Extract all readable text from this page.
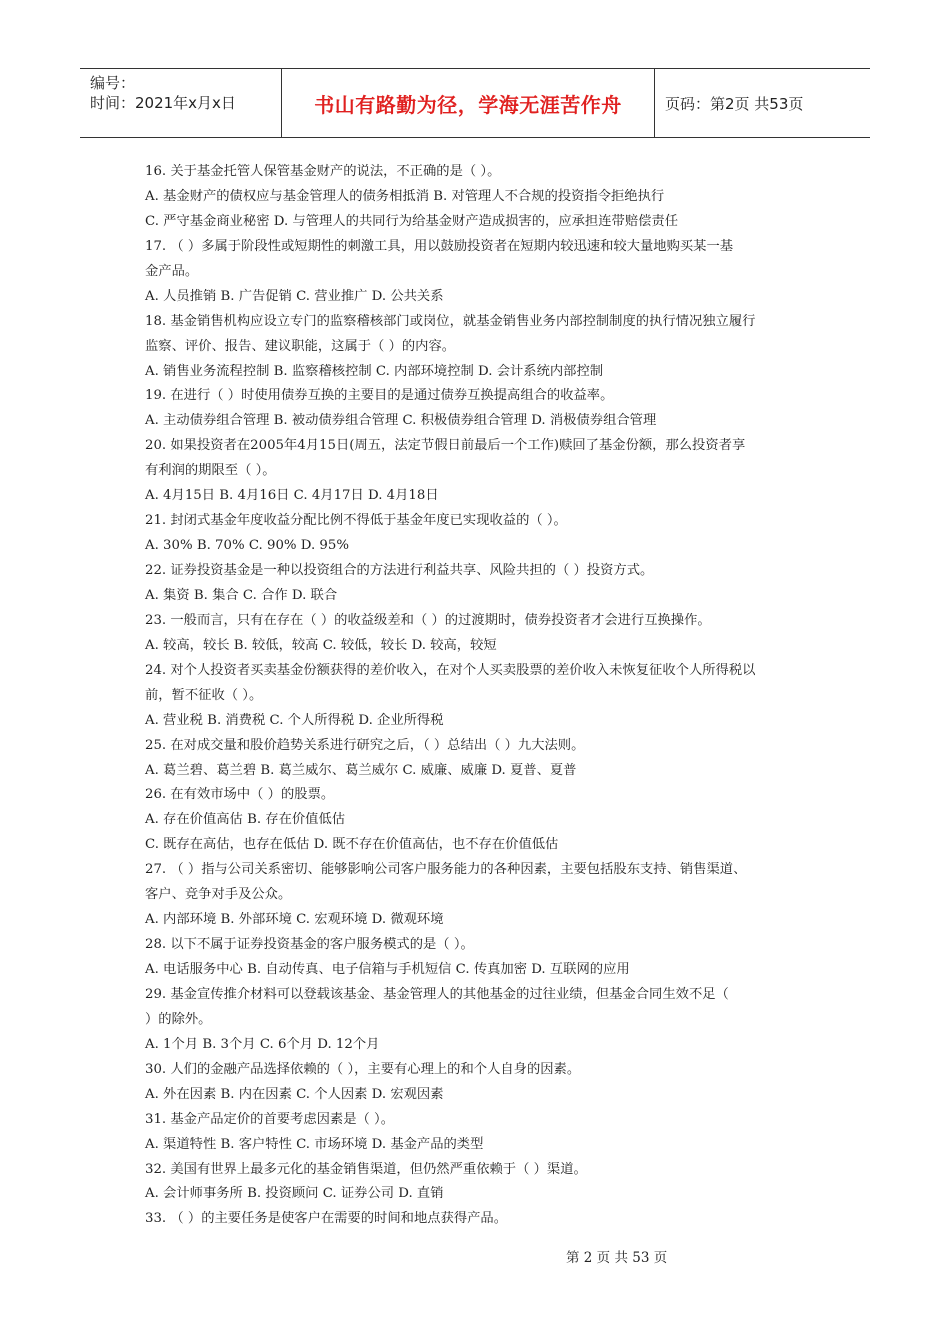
编号：
时间：2021年x月x日	书山有路勤为径，学海无涯苦作舟	页码：第2页 共53页
16. 关于基金托管人保管基金财产的说法，不正确的是（ ）。
A. 基金财产的债权应与基金管理人的债务相抵消 B. 对管理人不合规的投资指令拒绝执行
C. 严守基金商业秘密 D. 与管理人的共同行为给基金财产造成损害的，应承担连带赔偿责任
17. （ ）多属于阶段性或短期性的刺激工具，用以鼓励投资者在短期内较迅速和较大量地购买某一基
金产品。
A. 人员推销 B. 广告促销 C. 营业推广 D. 公共关系
18. 基金销售机构应设立专门的监察稽核部门或岗位，就基金销售业务内部控制制度的执行情况独立履行
监察、评价、报告、建议职能，这属于（ ）的内容。
A. 销售业务流程控制 B. 监察稽核控制 C. 内部环境控制 D. 会计系统内部控制
19. 在进行（ ）时使用债券互换的主要目的是通过债券互换提高组合的收益率。
A. 主动债券组合管理 B. 被动债券组合管理 C. 积极债券组合管理 D. 消极债券组合管理
20. 如果投资者在2005年4月15日(周五，法定节假日前最后一个工作)赎回了基金份额，那么投资者享
有利润的期限至（ ）。
A. 4月15日 B. 4月16日 C. 4月17日 D. 4月18日
21. 封闭式基金年度收益分配比例不得低于基金年度已实现收益的（ ）。
A. 30% B. 70% C. 90% D. 95%
22. 证券投资基金是一种以投资组合的方法进行利益共享、风险共担的（ ）投资方式。
A. 集资 B. 集合 C. 合作 D. 联合
23. 一般而言，只有在存在（ ）的收益级差和（ ）的过渡期时，债券投资者才会进行互换操作。
A. 较高，较长 B. 较低，较高 C. 较低，较长 D. 较高，较短
24. 对个人投资者买卖基金份额获得的差价收入，在对个人买卖股票的差价收入未恢复征收个人所得税以
前，暂不征收（ ）。
A. 营业税 B. 消费税 C. 个人所得税 D. 企业所得税
25. 在对成交量和股价趋势关系进行研究之后，（ ）总结出（ ）九大法则。
A. 葛兰碧、葛兰碧 B. 葛兰威尔、葛兰威尔 C. 威廉、威廉 D. 夏普、夏普
26. 在有效市场中（ ）的股票。
A. 存在价值高估 B. 存在价值低估
C. 既存在高估，也存在低估 D. 既不存在价值高估，也不存在价值低估
27. （ ）指与公司关系密切、能够影响公司客户服务能力的各种因素，主要包括股东支持、销售渠道、
客户、竞争对手及公众。
A. 内部环境 B. 外部环境 C. 宏观环境 D. 微观环境
28. 以下不属于证券投资基金的客户服务模式的是（ ）。
A. 电话服务中心 B. 自动传真、电子信箱与手机短信 C. 传真加密 D. 互联网的应用
29. 基金宣传推介材料可以登载该基金、基金管理人的其他基金的过往业绩，但基金合同生效不足（
）的除外。
A. 1个月 B. 3个月 C. 6个月 D. 12个月
30. 人们的金融产品选择依赖的（ ），主要有心理上的和个人自身的因素。
A. 外在因素 B. 内在因素 C. 个人因素 D. 宏观因素
31. 基金产品定价的首要考虑因素是（ ）。
A. 渠道特性 B. 客户特性 C. 市场环境 D. 基金产品的类型
32. 美国有世界上最多元化的基金销售渠道，但仍然严重依赖于（ ）渠道。
A. 会计师事务所 B. 投资顾问 C. 证券公司 D. 直销
33. （ ）的主要任务是使客户在需要的时间和地点获得产品。
第 2 页 共 53 页
